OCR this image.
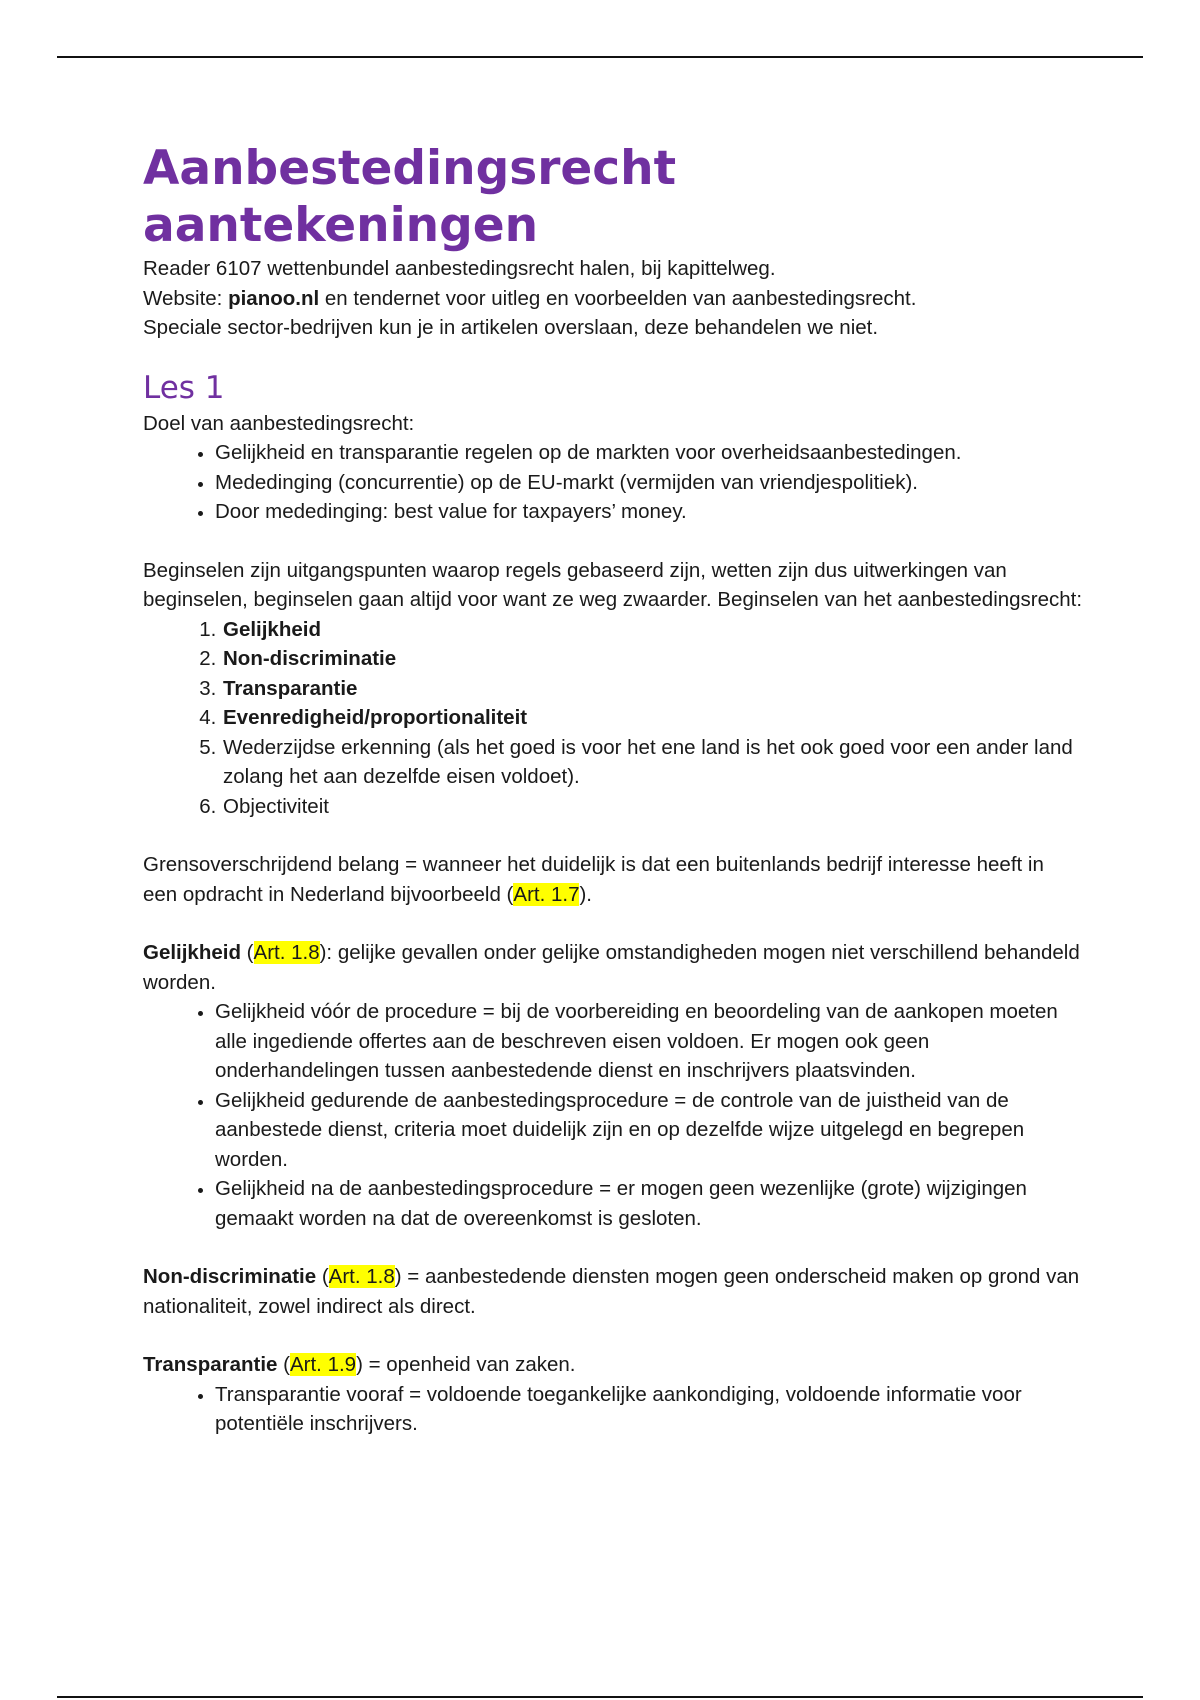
Aanbestedingsrecht
aantekeningen
Reader 6107 wettenbundel aanbestedingsrecht halen, bij kapittelweg.
Website: pianoo.nl en tendernet voor uitleg en voorbeelden van aanbestedingsrecht.
Speciale sector-bedrijven kun je in artikelen overslaan, deze behandelen we niet.
Les 1

Doel van aanbestedingsrecht:

• Gelijkheid en transparantie regelen op de markten voor overheidsaanbestedingen.
• Mededinging (concurrentie) op de EU-markt (vermijden van vriendjespolitiek).
• Door mededinging: best value for taxpayers’ money.

Beginselen zijn uitgangspunten waarop regels gebaseerd zijn, wetten zijn dus uitwerkingen van beginselen, beginselen gaan altijd voor want ze weg zwaarder. Beginselen van het aanbestedingsrecht:

1. Gelijkheid
2. Non-discriminatie
3. Transparantie
4. Evenredigheid/proportionaliteit
5. Wederzijdse erkenning (als het goed is voor het ene land is het ook goed voor een ander land zolang het aan dezelfde eisen voldoet).
6. Objectiviteit

Grensoverschrijdend belang = wanneer het duidelijk is dat een buitenlands bedrijf interesse heeft in een opdracht in Nederland bijvoorbeeld (Art. 1.7).

Gelijkheid (Art. 1.8): gelijke gevallen onder gelijke omstandigheden mogen niet verschillend behandeld worden.

• Gelijkheid vóór de procedure = bij de voorbereiding en beoordeling van de aankopen moeten alle ingediende offertes aan de beschreven eisen voldoen. Er mogen ook geen onderhandelingen tussen aanbestedende dienst en inschrijvers plaatsvinden.
• Gelijkheid gedurende de aanbestedingsprocedure = de controle van de juistheid van de aanbestede dienst, criteria moet duidelijk zijn en op dezelfde wijze uitgelegd en begrepen worden.
• Gelijkheid na de aanbestedingsprocedure = er mogen geen wezenlijke (grote) wijzigingen gemaakt worden na dat de overeenkomst is gesloten.

Non-discriminatie (Art. 1.8) = aanbestedende diensten mogen geen onderscheid maken op grond van nationaliteit, zowel indirect als direct.

Transparantie (Art. 1.9) = openheid van zaken.

• Transparantie vooraf = voldoende toegankelijke aankondiging, voldoende informatie voor potentiële inschrijvers.
